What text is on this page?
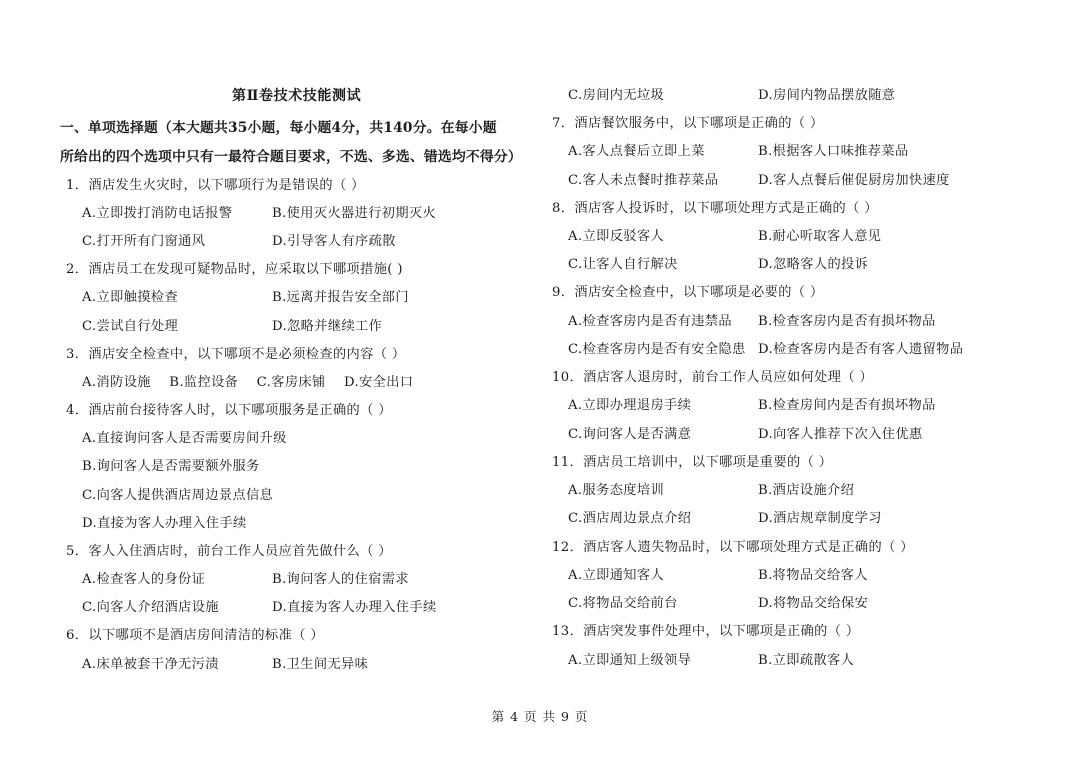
第Ⅱ卷技术技能测试
一、单项选择题（本大题共35小题，每小题4分，共140分。在每小题
所给出的四个选项中只有一最符合题目要求，不选、多选、错选均不得分）
1．酒店发生火灾时，以下哪项行为是错误的（ ）
A.立即拨打消防电话报警	B.使用灭火器进行初期灭火
C.打开所有门窗通风	D.引导客人有序疏散
2．酒店员工在发现可疑物品时，应采取以下哪项措施( )
A.立即触摸检查	B.远离并报告安全部门
C.尝试自行处理	D.忽略并继续工作
3．酒店安全检查中，以下哪项不是必须检查的内容（ ）
A.消防设施    B.监控设备    C.客房床铺    D.安全出口
4．酒店前台接待客人时，以下哪项服务是正确的（ ）
A.直接询问客人是否需要房间升级
B.询问客人是否需要额外服务
C.向客人提供酒店周边景点信息
D.直接为客人办理入住手续
5．客人入住酒店时，前台工作人员应首先做什么（ ）
A.检查客人的身份证	B.询问客人的住宿需求
C.向客人介绍酒店设施	D.直接为客人办理入住手续
6．以下哪项不是酒店房间清洁的标准（ ）
A.床单被套干净无污渍	B.卫生间无异味
C.房间内无垃圾	D.房间内物品摆放随意
7．酒店餐饮服务中，以下哪项是正确的（ ）
A.客人点餐后立即上菜	B.根据客人口味推荐菜品
C.客人未点餐时推荐菜品	D.客人点餐后催促厨房加快速度
8．酒店客人投诉时，以下哪项处理方式是正确的（ ）
A.立即反驳客人	B.耐心听取客人意见
C.让客人自行解决	D.忽略客人的投诉
9．酒店安全检查中，以下哪项是必要的（ ）
A.检查客房内是否有违禁品 B.检查客房内是否有损坏物品
C.检查客房内是否有安全隐患 D.检查客房内是否有客人遗留物品
10．酒店客人退房时，前台工作人员应如何处理（ ）
A.立即办理退房手续	B.检查房间内是否有损坏物品
C.询问客人是否满意	D.向客人推荐下次入住优惠
11．酒店员工培训中，以下哪项是重要的（ ）
A.服务态度培训	B.酒店设施介绍
C.酒店周边景点介绍	D.酒店规章制度学习
12．酒店客人遗失物品时，以下哪项处理方式是正确的（ ）
A.立即通知客人	B.将物品交给客人
C.将物品交给前台	D.将物品交给保安
13．酒店突发事件处理中，以下哪项是正确的（ ）
A.立即通知上级领导	B.立即疏散客人
第 4 页 共 9 页
